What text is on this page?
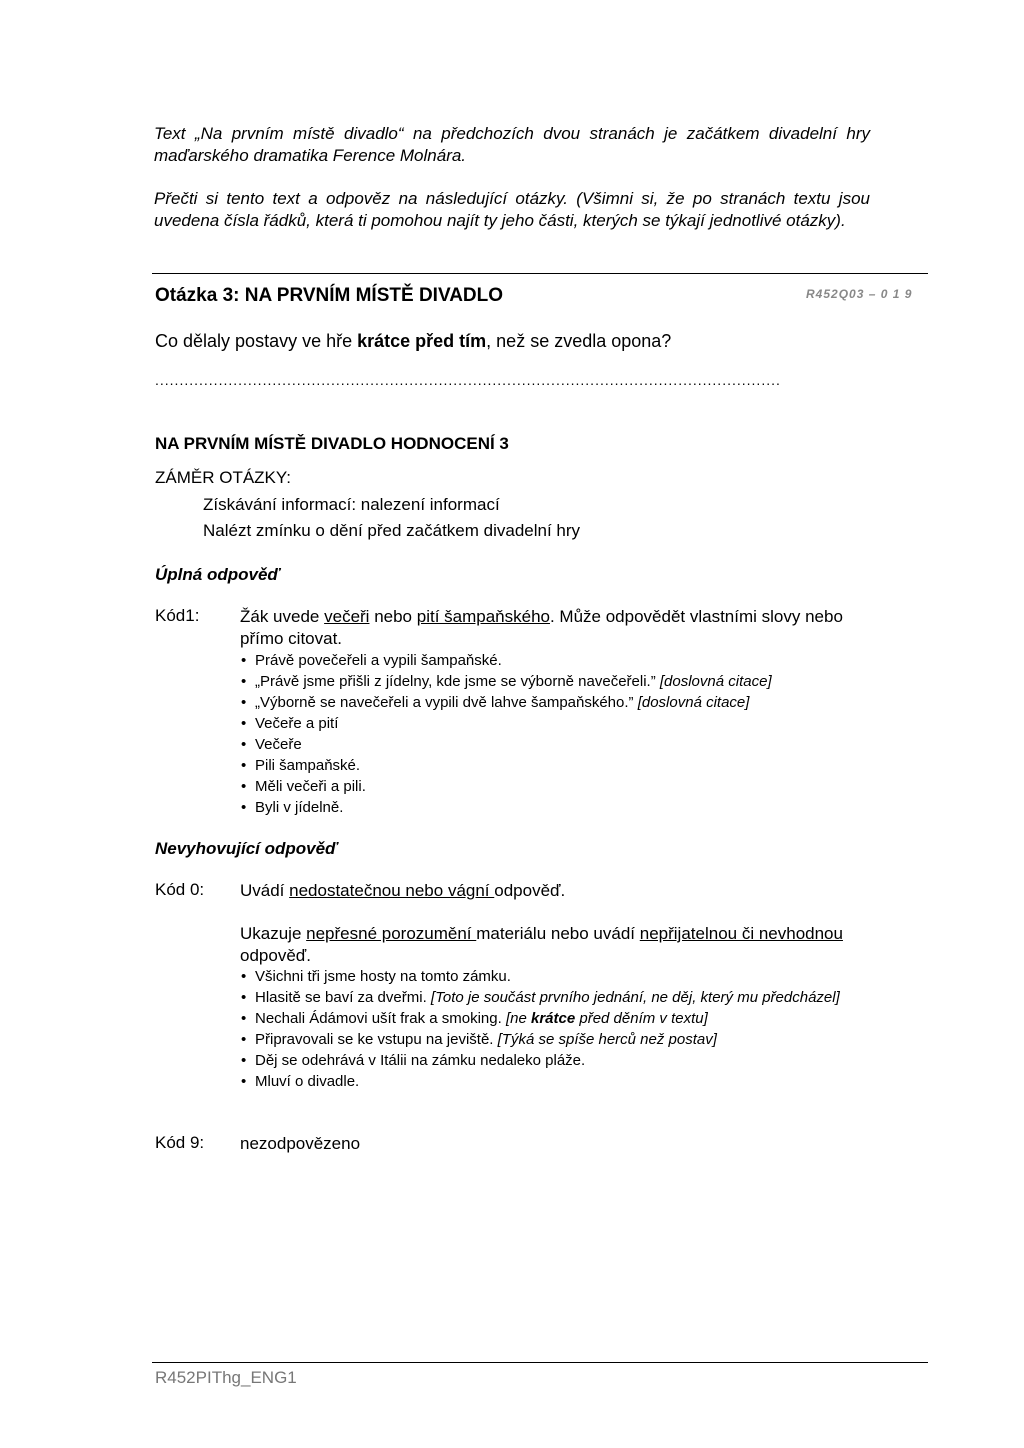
Text „Na prvním místě divadlo“ na předchozích dvou stranách je začátkem divadelní hry maďarského dramatika Ference Molnára.
Přečti si tento text a odpověz na následující otázky. (Všimni si, že po stranách textu jsou uvedena čísla řádků, která ti pomohou najít ty jeho části, kterých se týkají jednotlivé otázky).
Otázka 3: NA PRVNÍM MÍSTĚ DIVADLO	R452Q03 – 0 1 9
Co dělaly postavy ve hře krátce před tím, než se zvedla opona?
................................................................................................................................
NA PRVNÍM MÍSTĚ DIVADLO HODNOCENÍ 3
ZÁMĚR OTÁZKY:
Získávání informací: nalezení informací
Nalézt zmínku o dění před začátkem divadelní hry
Úplná odpověď
Kód1: Žák uvede večeři nebo pití šampaňského. Může odpovědět vlastními slovy nebo přímo citovat.
• Právě povečeřeli a vypili šampaňské.
• „Právě jsme přišli z jídelny, kde jsme se výborně navečeřeli.” [doslovná citace]
• „Výborně se navečeřeli a vypili dvě lahve šampaňského.” [doslovná citace]
• Večeře a pití
• Večeře
• Pili šampaňské.
• Měli večeři a pili.
• Byli v jídelně.
Nevyhovující odpověď
Kód 0: Uvádí nedostatečnou nebo vágní odpověď.
Ukazuje nepřesné porozumění materiálu nebo uvádí nepřijatelnou či nevhodnou odpověď.
• Všichni tři jsme hosty na tomto zámku.
• Hlasitě se baví za dveřmi. [Toto je součást prvního jednání, ne děj, který mu předcházel]
• Nechali Ádámovi ušít frak a smoking. [ne krátce před děním v textu]
• Připravovali se ke vstupu na jeviště. [Týká se spíše herců než postav]
• Děj se odehrává v Itálii na zámku nedaleko pláže.
• Mluví o divadle.
Kód 9: nezodpovězeno
R452PIThg_ENG1
